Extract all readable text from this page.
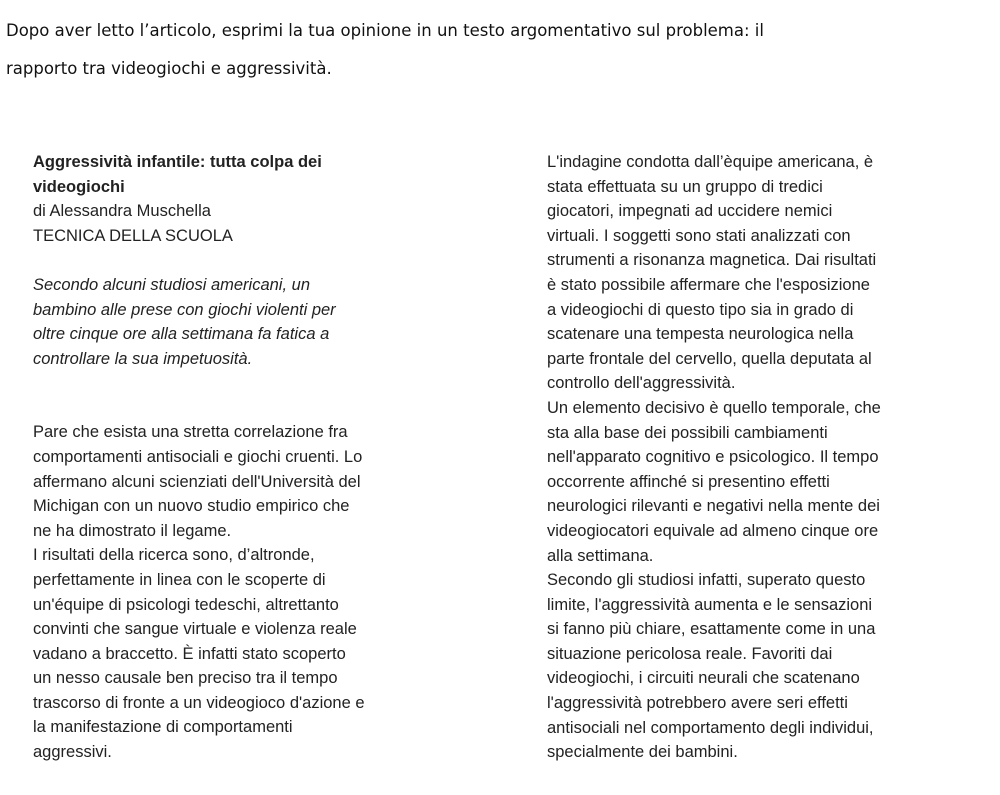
Dopo aver letto l’articolo, esprimi la tua opinione in un testo argomentativo sul problema: il
rapporto tra videogiochi e aggressività.
Aggressività infantile: tutta colpa dei
videogiochi
di Alessandra Muschella
TECNICA DELLA SCUOLA
Secondo alcuni studiosi americani, un
bambino alle prese con giochi violenti per
oltre cinque ore alla settimana fa fatica a
controllare la sua impetuosità.
Pare che esista una stretta correlazione fra
comportamenti antisociali e giochi cruenti. Lo
affermano alcuni scienziati dell'Università del
Michigan con un nuovo studio empirico che
ne ha dimostrato il legame.
I risultati della ricerca sono, d’altronde,
perfettamente in linea con le scoperte di
un'équipe di psicologi tedeschi, altrettanto
convinti che sangue virtuale e violenza reale
vadano a braccetto. È infatti stato scoperto
un nesso causale ben preciso tra il tempo
trascorso di fronte a un videogioco d'azione e
la manifestazione di comportamenti
aggressivi.
L'indagine condotta dall’èquipe americana, è
stata effettuata su un gruppo di tredici
giocatori, impegnati ad uccidere nemici
virtuali. I soggetti sono stati analizzati con
strumenti a risonanza magnetica. Dai risultati
è stato possibile affermare che l'esposizione
a videogiochi di questo tipo sia in grado di
scatenare una tempesta neurologica nella
parte frontale del cervello, quella deputata al
controllo dell'aggressività.
Un elemento decisivo è quello temporale, che
sta alla base dei possibili cambiamenti
nell'apparato cognitivo e psicologico. Il tempo
occorrente affinché si presentino effetti
neurologici rilevanti e negativi nella mente dei
videogiocatori equivale ad almeno cinque ore
alla settimana.
Secondo gli studiosi infatti, superato questo
limite, l'aggressività aumenta e le sensazioni
si fanno più chiare, esattamente come in una
situazione pericolosa reale. Favoriti dai
videogiochi, i circuiti neurali che scatenano
l'aggressività potrebbero avere seri effetti
antisociali nel comportamento degli individui,
specialmente dei bambini.
